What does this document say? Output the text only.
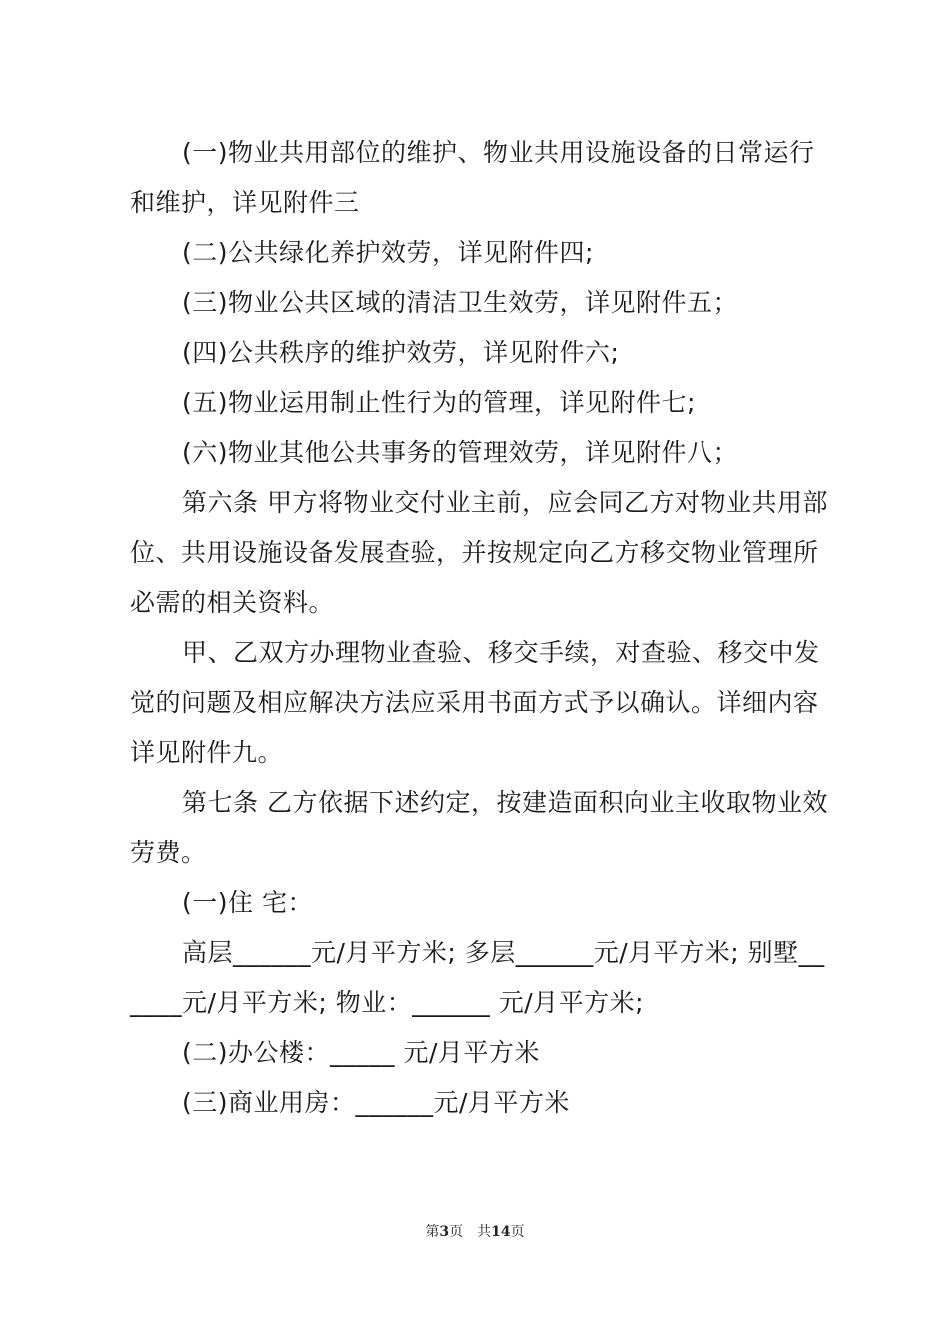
(一)物业共用部位的维护、物业共用设施设备的日常运行和维护，详见附件三

(二)公共绿化养护效劳，详见附件四;

(三)物业公共区域的清洁卫生效劳，详见附件五；

(四)公共秩序的维护效劳，详见附件六;

(五)物业运用制止性行为的管理，详见附件七;

(六)物业其他公共事务的管理效劳，详见附件八；

第六条 甲方将物业交付业主前，应会同乙方对物业共用部位、共用设施设备发展查验，并按规定向乙方移交物业管理所必需的相关资料。

甲、乙双方办理物业查验、移交手续，对查验、移交中发觉的问题及相应解决方法应采用书面方式予以确认。详细内容详见附件九。

第七条 乙方依据下述约定，按建造面积向业主收取物业效劳费。

(一)住 宅：

高层______元/月平方米; 多层______元/月平方米; 别墅______元/月平方米; 物业：______ 元/月平方米;

(二)办公楼：_____ 元/月平方米

(三)商业用房：______元/月平方米

第3页 共14页
